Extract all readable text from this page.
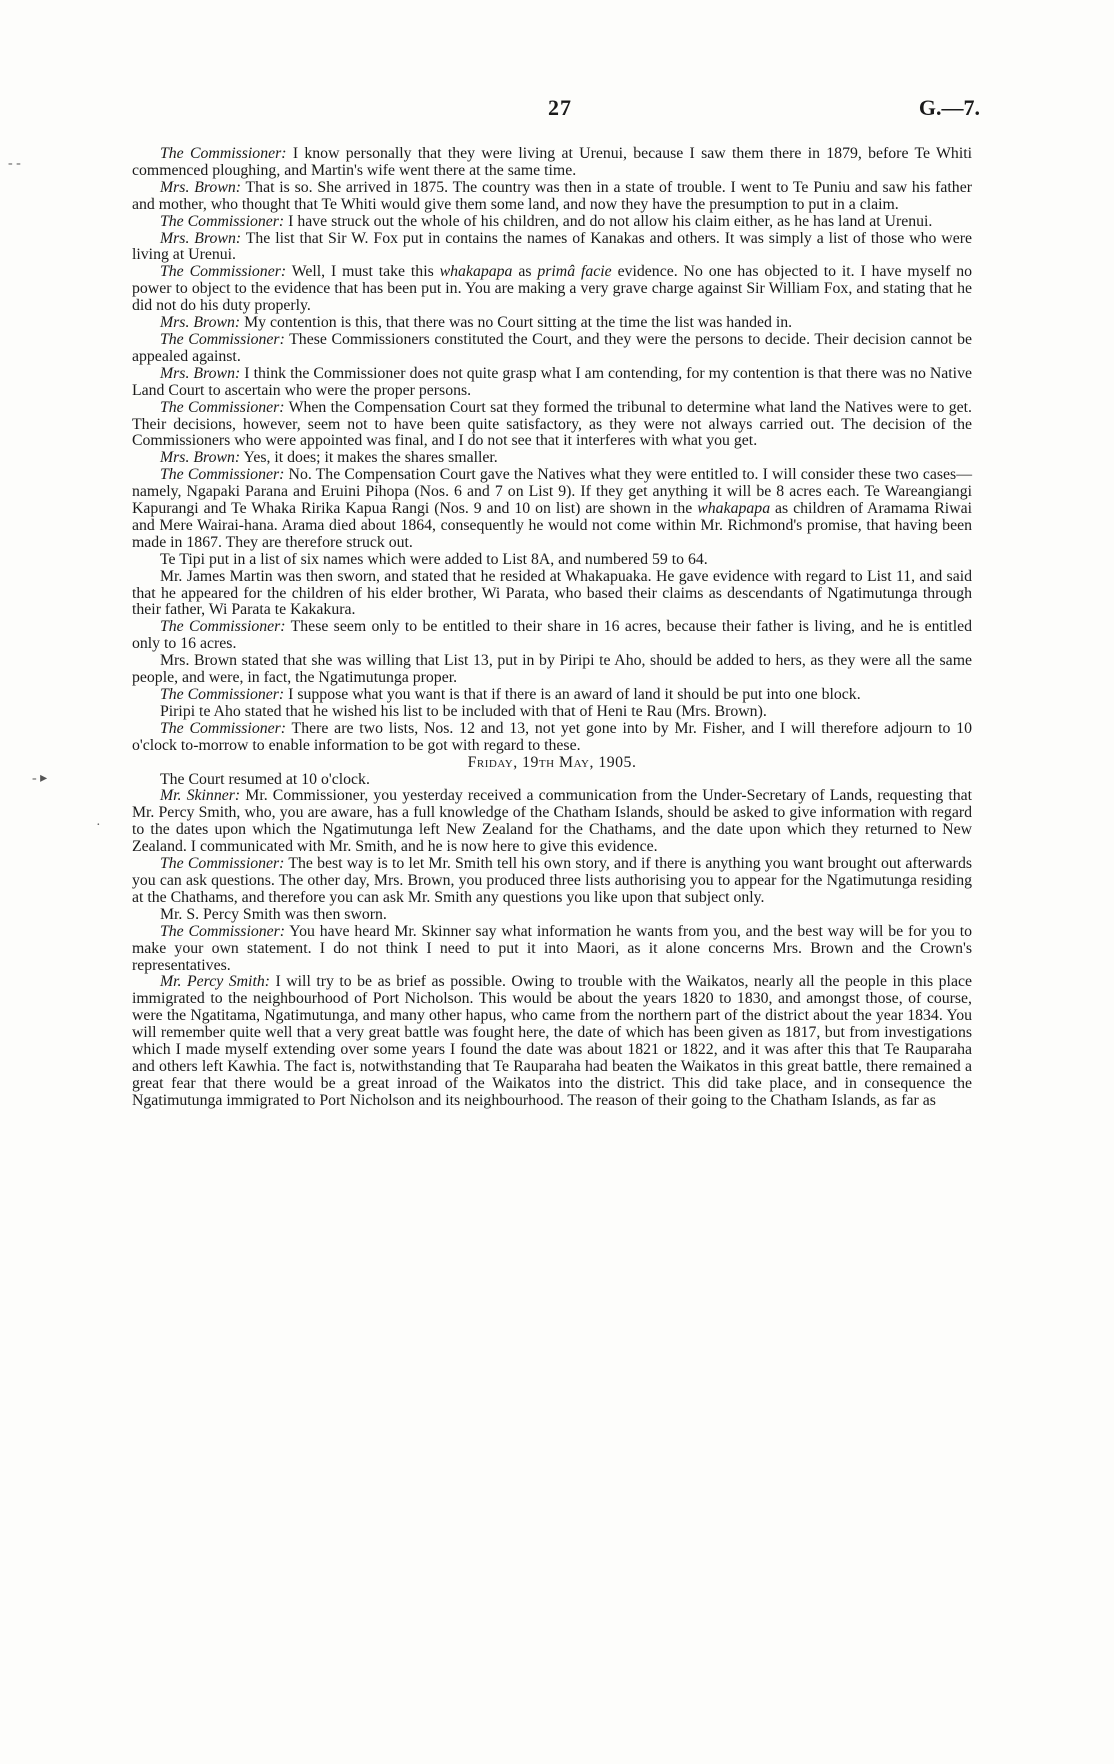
27	G.—7.
- -
- ▸
·

The Commissioner: I know personally that they were living at Urenui, because I saw them there in 1879, before Te Whiti commenced ploughing, and Martin's wife went there at the same time.

Mrs. Brown: That is so. She arrived in 1875. The country was then in a state of trouble. I went to Te Puniu and saw his father and mother, who thought that Te Whiti would give them some land, and now they have the presumption to put in a claim.

The Commissioner: I have struck out the whole of his children, and do not allow his claim either, as he has land at Urenui.

Mrs. Brown: The list that Sir W. Fox put in contains the names of Kanakas and others. It was simply a list of those who were living at Urenui.

The Commissioner: Well, I must take this whakapapa as primâ facie evidence. No one has objected to it. I have myself no power to object to the evidence that has been put in. You are making a very grave charge against Sir William Fox, and stating that he did not do his duty properly.

Mrs. Brown: My contention is this, that there was no Court sitting at the time the list was handed in.

The Commissioner: These Commissioners constituted the Court, and they were the persons to decide. Their decision cannot be appealed against.

Mrs. Brown: I think the Commissioner does not quite grasp what I am contending, for my contention is that there was no Native Land Court to ascertain who were the proper persons.

The Commissioner: When the Compensation Court sat they formed the tribunal to determine what land the Natives were to get. Their decisions, however, seem not to have been quite satisfactory, as they were not always carried out. The decision of the Commissioners who were appointed was final, and I do not see that it interferes with what you get.

Mrs. Brown: Yes, it does; it makes the shares smaller.

The Commissioner: No. The Compensation Court gave the Natives what they were entitled to. I will consider these two cases—namely, Ngapaki Parana and Eruini Pihopa (Nos. 6 and 7 on List 9). If they get anything it will be 8 acres each. Te Wareangiangi Kapurangi and Te Whaka Ririka Kapua Rangi (Nos. 9 and 10 on list) are shown in the whakapapa as children of Aramama Riwai and Mere Wairai-hana. Arama died about 1864, consequently he would not come within Mr. Richmond's promise, that having been made in 1867. They are therefore struck out.

Te Tipi put in a list of six names which were added to List 8A, and numbered 59 to 64.

Mr. James Martin was then sworn, and stated that he resided at Whakapuaka. He gave evidence with regard to List 11, and said that he appeared for the children of his elder brother, Wi Parata, who based their claims as descendants of Ngatimutunga through their father, Wi Parata te Kakakura.

The Commissioner: These seem only to be entitled to their share in 16 acres, because their father is living, and he is entitled only to 16 acres.

Mrs. Brown stated that she was willing that List 13, put in by Piripi te Aho, should be added to hers, as they were all the same people, and were, in fact, the Ngatimutunga proper.

The Commissioner: I suppose what you want is that if there is an award of land it should be put into one block.

Piripi te Aho stated that he wished his list to be included with that of Heni te Rau (Mrs. Brown).

The Commissioner: There are two lists, Nos. 12 and 13, not yet gone into by Mr. Fisher, and I will therefore adjourn to 10 o'clock to-morrow to enable information to be got with regard to these.

Friday, 19th May, 1905.

The Court resumed at 10 o'clock.

Mr. Skinner: Mr. Commissioner, you yesterday received a communication from the Under-Secretary of Lands, requesting that Mr. Percy Smith, who, you are aware, has a full knowledge of the Chatham Islands, should be asked to give information with regard to the dates upon which the Ngatimutunga left New Zealand for the Chathams, and the date upon which they returned to New Zealand. I communicated with Mr. Smith, and he is now here to give this evidence.

The Commissioner: The best way is to let Mr. Smith tell his own story, and if there is anything you want brought out afterwards you can ask questions. The other day, Mrs. Brown, you produced three lists authorising you to appear for the Ngatimutunga residing at the Chathams, and therefore you can ask Mr. Smith any questions you like upon that subject only.

Mr. S. Percy Smith was then sworn.

The Commissioner: You have heard Mr. Skinner say what information he wants from you, and the best way will be for you to make your own statement. I do not think I need to put it into Maori, as it alone concerns Mrs. Brown and the Crown's representatives.

Mr. Percy Smith: I will try to be as brief as possible. Owing to trouble with the Waikatos, nearly all the people in this place immigrated to the neighbourhood of Port Nicholson. This would be about the years 1820 to 1830, and amongst those, of course, were the Ngatitama, Ngatimutunga, and many other hapus, who came from the northern part of the district about the year 1834. You will remember quite well that a very great battle was fought here, the date of which has been given as 1817, but from investigations which I made myself extending over some years I found the date was about 1821 or 1822, and it was after this that Te Rauparaha and others left Kawhia. The fact is, notwithstanding that Te Rauparaha had beaten the Waikatos in this great battle, there remained a great fear that there would be a great inroad of the Waikatos into the district. This did take place, and in consequence the Ngatimutunga immigrated to Port Nicholson and its neighbourhood. The reason of their going to the Chatham Islands, as far as
